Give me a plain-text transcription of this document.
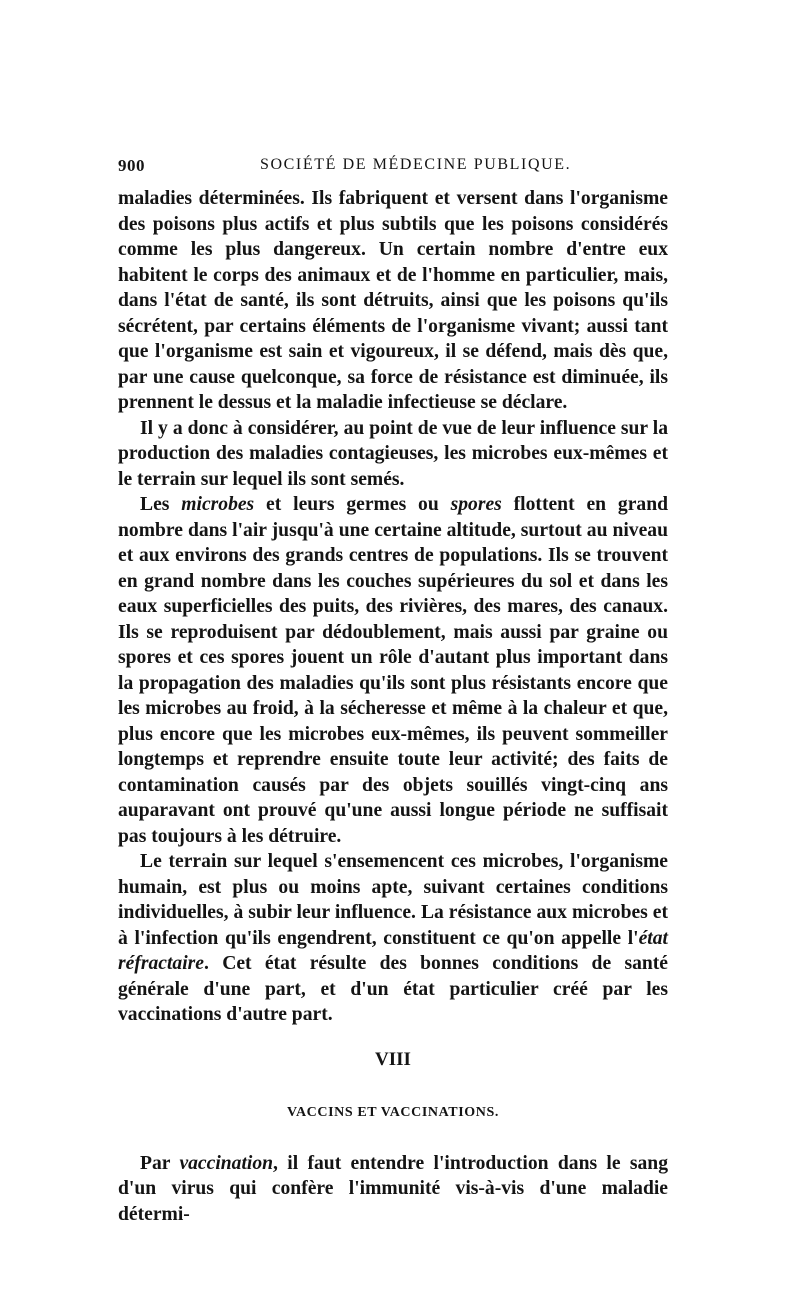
900	SOCIÉTÉ DE MÉDECINE PUBLIQUE.

maladies déterminées. Ils fabriquent et versent dans l'organisme des poisons plus actifs et plus subtils que les poisons considérés comme les plus dangereux. Un certain nombre d'entre eux habitent le corps des animaux et de l'homme en particulier, mais, dans l'état de santé, ils sont détruits, ainsi que les poisons qu'ils sécrétent, par certains éléments de l'organisme vivant; aussi tant que l'organisme est sain et vigoureux, il se défend, mais dès que, par une cause quelconque, sa force de résistance est diminuée, ils prennent le dessus et la maladie infectieuse se déclare.

Il y a donc à considérer, au point de vue de leur influence sur la production des maladies contagieuses, les microbes eux-mêmes et le terrain sur lequel ils sont semés.

Les microbes et leurs germes ou spores flottent en grand nombre dans l'air jusqu'à une certaine altitude, surtout au niveau et aux environs des grands centres de populations. Ils se trouvent en grand nombre dans les couches supérieures du sol et dans les eaux superficielles des puits, des rivières, des mares, des canaux. Ils se reproduisent par dédoublement, mais aussi par graine ou spores et ces spores jouent un rôle d'autant plus important dans la propagation des maladies qu'ils sont plus résistants encore que les microbes au froid, à la sécheresse et même à la chaleur et que, plus encore que les microbes eux-mêmes, ils peuvent sommeiller longtemps et reprendre ensuite toute leur activité; des faits de contamination causés par des objets souillés vingt-cinq ans auparavant ont prouvé qu'une aussi longue période ne suffisait pas toujours à les détruire.

Le terrain sur lequel s'ensemencent ces microbes, l'organisme humain, est plus ou moins apte, suivant certaines conditions individuelles, à subir leur influence. La résistance aux microbes et à l'infection qu'ils engendrent, constituent ce qu'on appelle l'état réfractaire. Cet état résulte des bonnes conditions de santé générale d'une part, et d'un état particulier créé par les vaccinations d'autre part.

VIII
VACCINS ET VACCINATIONS.

Par vaccination, il faut entendre l'introduction dans le sang d'un virus qui confère l'immunité vis-à-vis d'une maladie détermi-
